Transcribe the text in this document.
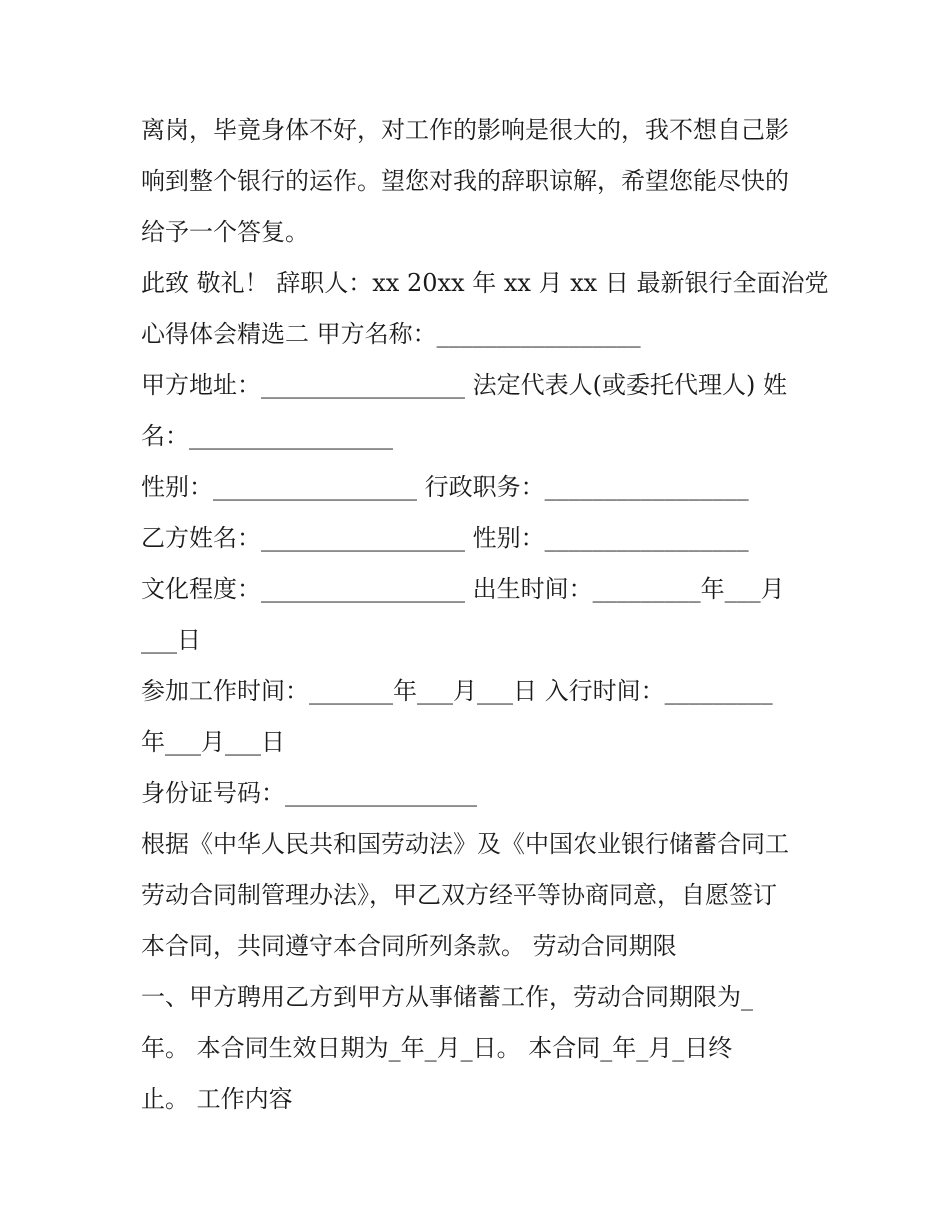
离岗，毕竟身体不好，对工作的影响是很大的，我不想自己影
响到整个银行的运作。望您对我的辞职谅解，希望您能尽快的
给予一个答复。
此致 敬礼！ 辞职人：xx 20xx 年 xx 月 xx 日 最新银行全面治党
心得体会精选二 甲方名称：_________________
甲方地址：_________________ 法定代表人(或委托代理人) 姓
名：_________________
性别：_________________ 行政职务：_________________
乙方姓名：_________________ 性别：_________________
文化程度：_________________ 出生时间：_________年___月
___日
参加工作时间：_______年___月___日 入行时间：_________
年___月___日
身份证号码：________________
根据《中华人民共和国劳动法》及《中国农业银行储蓄合同工
劳动合同制管理办法》，甲乙双方经平等协商同意，自愿签订
本合同，共同遵守本合同所列条款。 劳动合同期限
一、甲方聘用乙方到甲方从事储蓄工作，劳动合同期限为_
年。 本合同生效日期为_年_月_日。 本合同_年_月_日终
止。 工作内容
